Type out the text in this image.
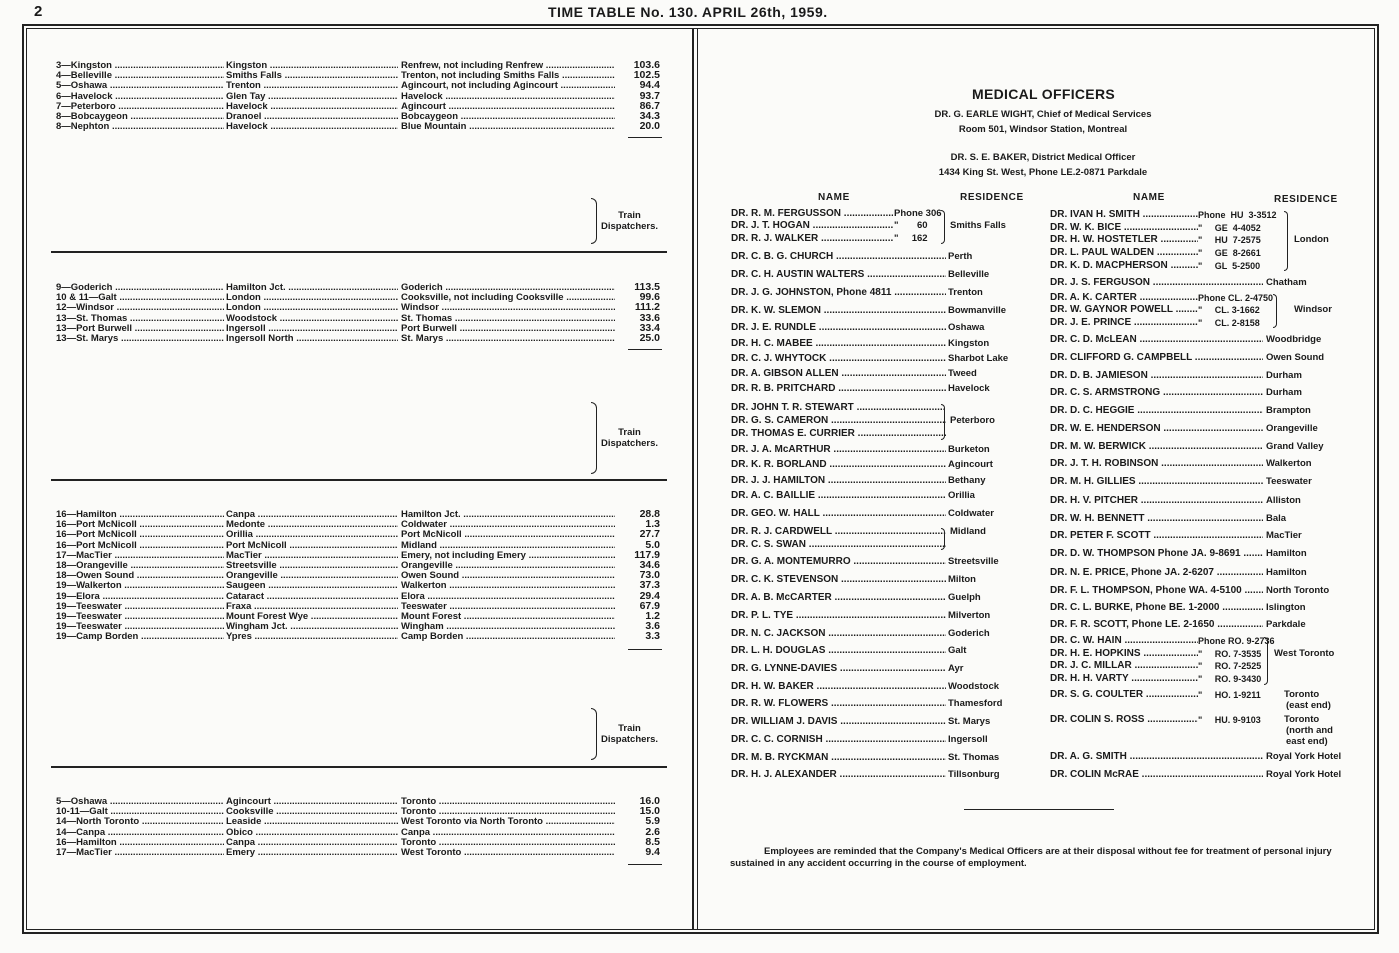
2	TIME TABLE No. 130. APRIL 26th, 1959.
MEDICAL OFFICERS
DR. G. EARLE WIGHT, Chief of Medical Services
Room 501, Windsor Station, Montreal
DR. S. E. BAKER, District Medical Officer
1434 King St. West, Phone LE.2-0871 Parkdale
NAME	RESIDENCE	NAME	RESIDENCE
Employees are reminded that the Company's Medical Officers are at their disposal without fee for treatment of personal injury sustained in any accident occurring in the course of employment.
3—Kingston .....	Kingston .....	Renfrew, not including Renfrew .....	103.6
4—Belleville .....	Smiths Falls .....	Trenton, not including Smiths Falls .....	102.5
5—Oshawa .....	Trenton .....	Agincourt, not including Agincourt .....	94.4
6—Havelock .....	Glen Tay .....	Havelock .....	93.7
7—Peterboro .....	Havelock .....	Agincourt .....	86.7
8—Bobcaygeon .....	Dranoel .....	Bobcaygeon .....	34.3
8—Nephton .....	Havelock .....	Blue Mountain .....	20.0
Train
Dispatchers.
9—Goderich .....	Hamilton Jct. .....	Goderich .....	113.5
10 & 11—Galt .....	London .....	Cooksville, not including Cooksville .....	99.6
12—Windsor .....	London .....	Windsor .....	111.2
13—St. Thomas .....	Woodstock .....	St. Thomas .....	33.6
13—Port Burwell .....	Ingersoll .....	Port Burwell .....	33.4
13—St. Marys .....	Ingersoll North .....	St. Marys .....	25.0
Train
Dispatchers.
16—Hamilton .....	Canpa .....	Hamilton Jct. .....	28.8
16—Port McNicoll .....	Medonte .....	Coldwater .....	1.3
16—Port McNicoll .....	Orillia .....	Port McNicoll .....	27.7
16—Port McNicoll .....	Port McNicoll .....	Midland .....	5.0
17—MacTier .....	MacTier .....	Emery, not including Emery .....	117.9
18—Orangeville .....	Streetsville .....	Orangeville .....	34.6
18—Owen Sound .....	Orangeville .....	Owen Sound .....	73.0
19—Walkerton .....	Saugeen .....	Walkerton .....	37.3
19—Elora .....	Cataract .....	Elora .....	29.4
19—Teeswater .....	Fraxa .....	Teeswater .....	67.9
19—Teeswater .....	Mount Forest Wye .....	Mount Forest .....	1.2
19—Teeswater .....	Wingham Jct. .....	Wingham .....	3.6
19—Camp Borden .....	Ypres .....	Camp Borden .....	3.3
Train
Dispatchers.
5—Oshawa .....	Agincourt .....	Toronto .....	16.0
10-11—Galt .....	Cooksville .....	Toronto .....	15.0
14—North Toronto .....	Leaside .....	West Toronto via North Toronto .....	5.9
14—Canpa .....	Obico .....	Canpa .....	2.6
16—Hamilton .....	Canpa .....	Toronto .....	8.5
17—MacTier .....	Emery .....	West Toronto .....	9.4
DR. R. M. FERGUSSON .....	Phone 306
DR. J. T. HOGAN .....	"       60 Smiths Falls
DR. R. J. WALKER .....	"     162
DR. C. B. G. CHURCH .....	Perth
DR. C. H. AUSTIN WALTERS .....	Belleville
DR. J. G. JOHNSTON, Phone 4811 .....	Trenton
DR. K. W. SLEMON .....	Bowmanville
DR. J. E. RUNDLE .....	Oshawa
DR. H. C. MABEE .....	Kingston
DR. C. J. WHYTOCK .....	Sharbot Lake
DR. A. GIBSON ALLEN .....	Tweed
DR. R. B. PRITCHARD .....	Havelock
DR. JOHN T. R. STEWART .....
DR. G. S. CAMERON .....	Peterboro
DR. THOMAS E. CURRIER .....
DR. J. A. McARTHUR .....	Burketon
DR. K. R. BORLAND .....	Agincourt
DR. J. J. HAMILTON .....	Bethany
DR. A. C. BAILLIE .....	Orillia
DR. GEO. W. HALL .....	Coldwater
DR. R. J. CARDWELL .....	Midland
DR. C. S. SWAN .....
DR. G. A. MONTEMURRO .....	Streetsville
DR. C. K. STEVENSON .....	Milton
DR. A. B. McCARTER .....	Guelph
DR. P. L. TYE .....	Milverton
DR. N. C. JACKSON .....	Goderich
DR. L. H. DOUGLAS .....	Galt
DR. G. LYNNE-DAVIES .....	Ayr
DR. H. W. BAKER .....	Woodstock
DR. R. W. FLOWERS .....	Thamesford
DR. WILLIAM J. DAVIS .....	St. Marys
DR. C. C. CORNISH .....	Ingersoll
DR. M. B. RYCKMAN .....	St. Thomas
DR. H. J. ALEXANDER .....	Tillsonburg
DR. IVAN H. SMITH .....	Phone  HU  3-3512
DR. W. K. BICE .....	"     GE  4-4052
DR. H. W. HOSTETLER .....	"     HU  7-2575	London
DR. L. PAUL WALDEN .....	"     GE  8-2661
DR. K. D. MACPHERSON .....	"     GL  5-2500
DR. J. S. FERGUSON .....	Chatham
DR. A. K. CARTER .....	Phone CL. 2-4750
DR. W. GAYNOR POWELL .....	"     CL. 3-1662	Windsor
DR. J. E. PRINCE .....	"     CL. 2-8158
DR. C. D. McLEAN .....	Woodbridge
DR. CLIFFORD G. CAMPBELL .....	Owen Sound
DR. D. B. JAMIESON .....	Durham
DR. C. S. ARMSTRONG .....	Durham
DR. D. C. HEGGIE .....	Brampton
DR. W. E. HENDERSON .....	Orangeville
DR. M. W. BERWICK .....	Grand Valley
DR. J. T. H. ROBINSON .....	Walkerton
DR. M. H. GILLIES .....	Teeswater
DR. H. V. PITCHER .....	Alliston
DR. W. H. BENNETT .....	Bala
DR. PETER F. SCOTT .....	MacTier
DR. D. W. THOMPSON Phone JA. 9-8691 .....	Hamilton
DR. N. E. PRICE, Phone JA. 2-6207 .....	Hamilton
DR. F. L. THOMPSON, Phone WA. 4-5100 .....	North Toronto
DR. C. L. BURKE, Phone BE. 1-2000 .....	Islington
DR. F. R. SCOTT, Phone LE. 2-1650 .....	Parkdale
DR. C. W. HAIN .....	Phone RO. 9-2736
DR. H. E. HOPKINS .....	"     RO. 7-3535 West Toronto
DR. J. C. MILLAR .....	"     RO. 7-2525
DR. H. H. VARTY .....	"     RO. 9-3430
DR. S. G. COULTER .....	"     HO. 1-9211 Toronto
(east end)
DR. COLIN S. ROSS .....	"     HU. 9-9103 Toronto
(north and
east end)
DR. A. G. SMITH .....	Royal York Hotel
DR. COLIN McRAE .....	Royal York Hotel
